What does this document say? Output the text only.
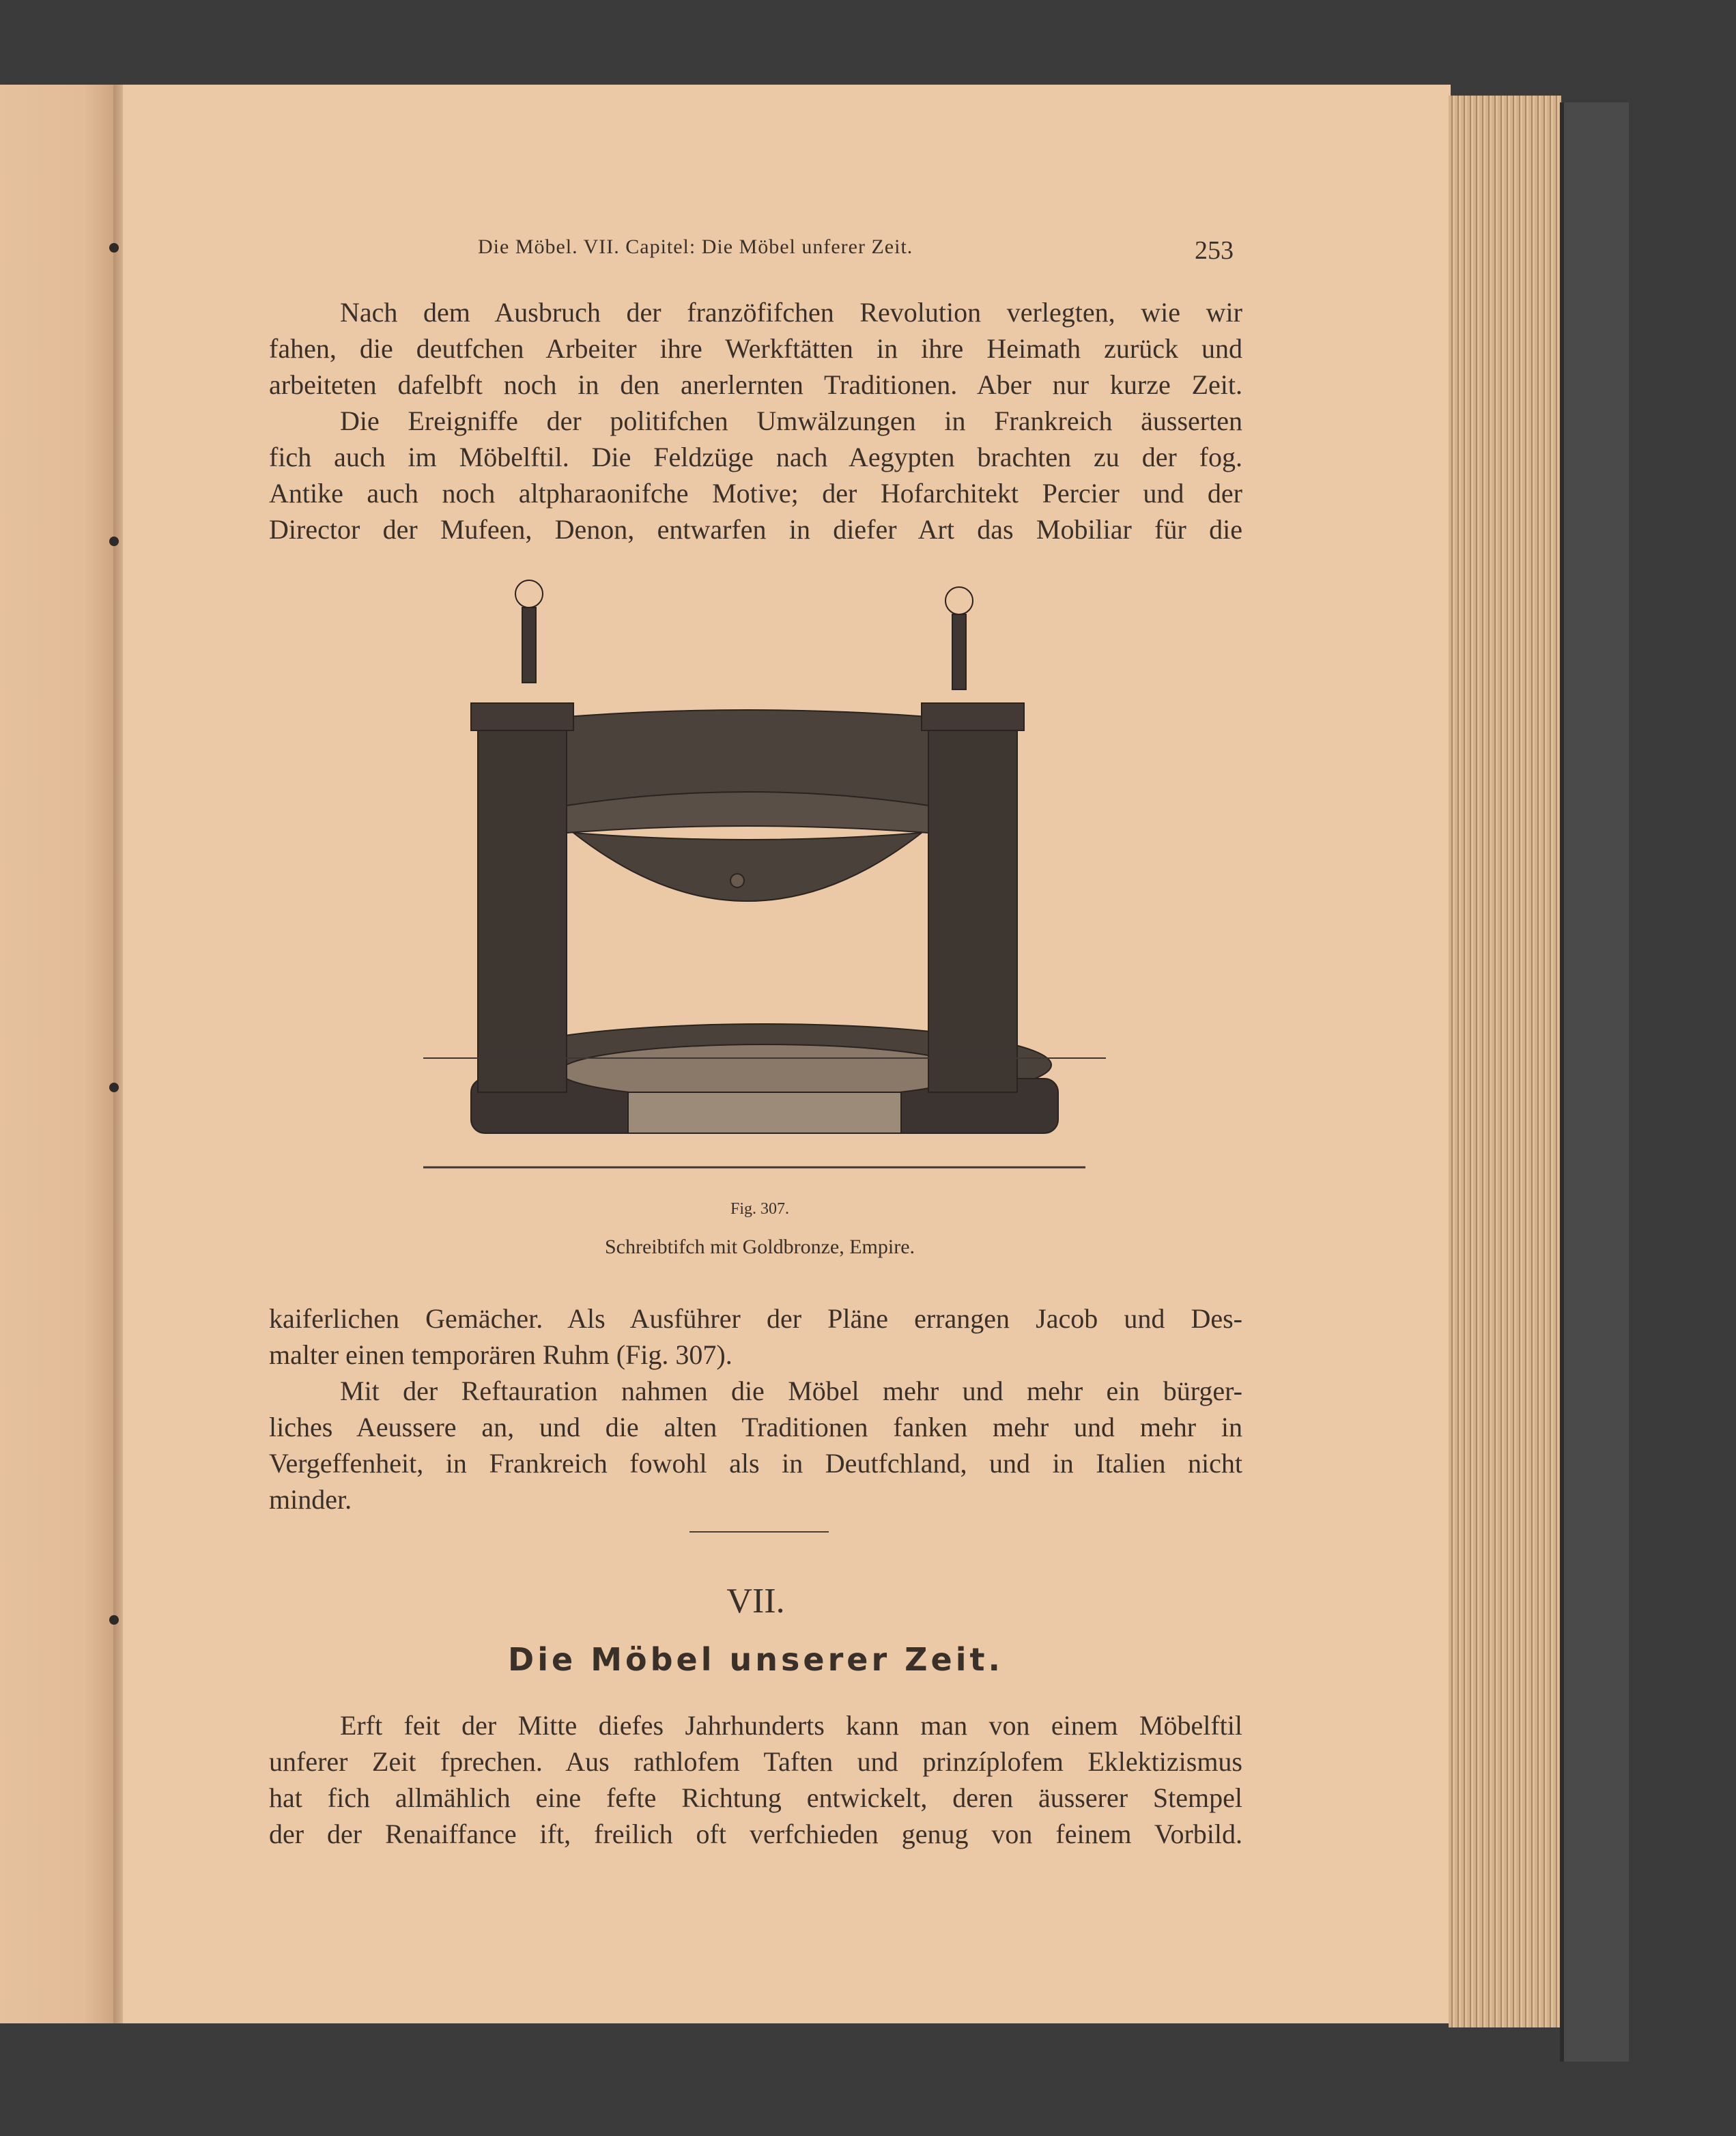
Die Möbel. VII. Capitel: Die Möbel unferer Zeit.	253
Nach dem Ausbruch der franzöfifchen Revolution verlegten, wie wir
fahen, die deutfchen Arbeiter ihre Werkftätten in ihre Heimath zurück und
arbeiteten dafelbft noch in den anerlernten Traditionen. Aber nur kurze Zeit.
Die Ereigniffe der politifchen Umwälzungen in Frankreich äusserten
fich auch im Möbelftil. Die Feldzüge nach Aegypten brachten zu der fog.
Antike auch noch altpharaonifche Motive; der Hofarchitekt Percier und der
Director der Mufeen, Denon, entwarfen in diefer Art das Mobiliar für die
Fig. 307.
Schreibtifch mit Goldbronze, Empire.
kaiferlichen Gemächer. Als Ausführer der Pläne errangen Jacob und Des-
malter einen temporären Ruhm (Fig. 307).
Mit der Reftauration nahmen die Möbel mehr und mehr ein bürger-
liches Aeussere an, und die alten Traditionen fanken mehr und mehr in
Vergeffenheit, in Frankreich fowohl als in Deutfchland, und in Italien nicht
minder.
VII.
Die Möbel unserer Zeit.
Erft feit der Mitte diefes Jahrhunderts kann man von einem Möbelftil
unferer Zeit fprechen. Aus rathlofem Taften und prinzíplofem Eklektizismus
hat fich allmählich eine fefte Richtung entwickelt, deren äusserer Stempel
der der Renaiffance ift, freilich oft verfchieden genug von feinem Vorbild.
